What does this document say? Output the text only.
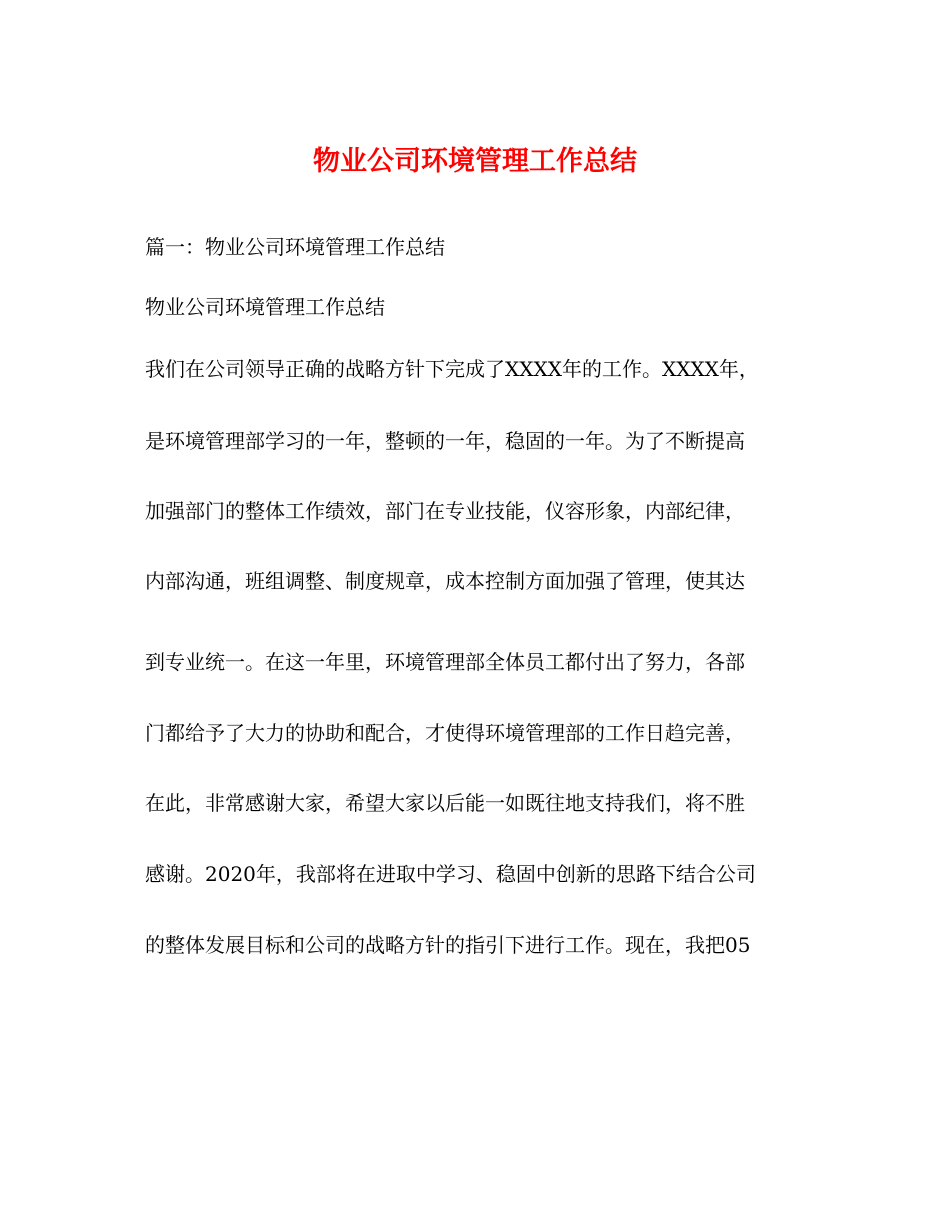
物业公司环境管理工作总结

篇一：物业公司环境管理工作总结

物业公司环境管理工作总结

我们在公司领导正确的战略方针下完成了XXXX年的工作。XXXX年，

是环境管理部学习的一年，整顿的一年，稳固的一年。为了不断提高

加强部门的整体工作绩效，部门在专业技能，仪容形象，内部纪律，

内部沟通，班组调整、制度规章，成本控制方面加强了管理，使其达

到专业统一。在这一年里，环境管理部全体员工都付出了努力，各部

门都给予了大力的协助和配合，才使得环境管理部的工作日趋完善，

在此，非常感谢大家，希望大家以后能一如既往地支持我们，将不胜

感谢。2020年，我部将在进取中学习、稳固中创新的思路下结合公司

的整体发展目标和公司的战略方针的指引下进行工作。现在，我把05
